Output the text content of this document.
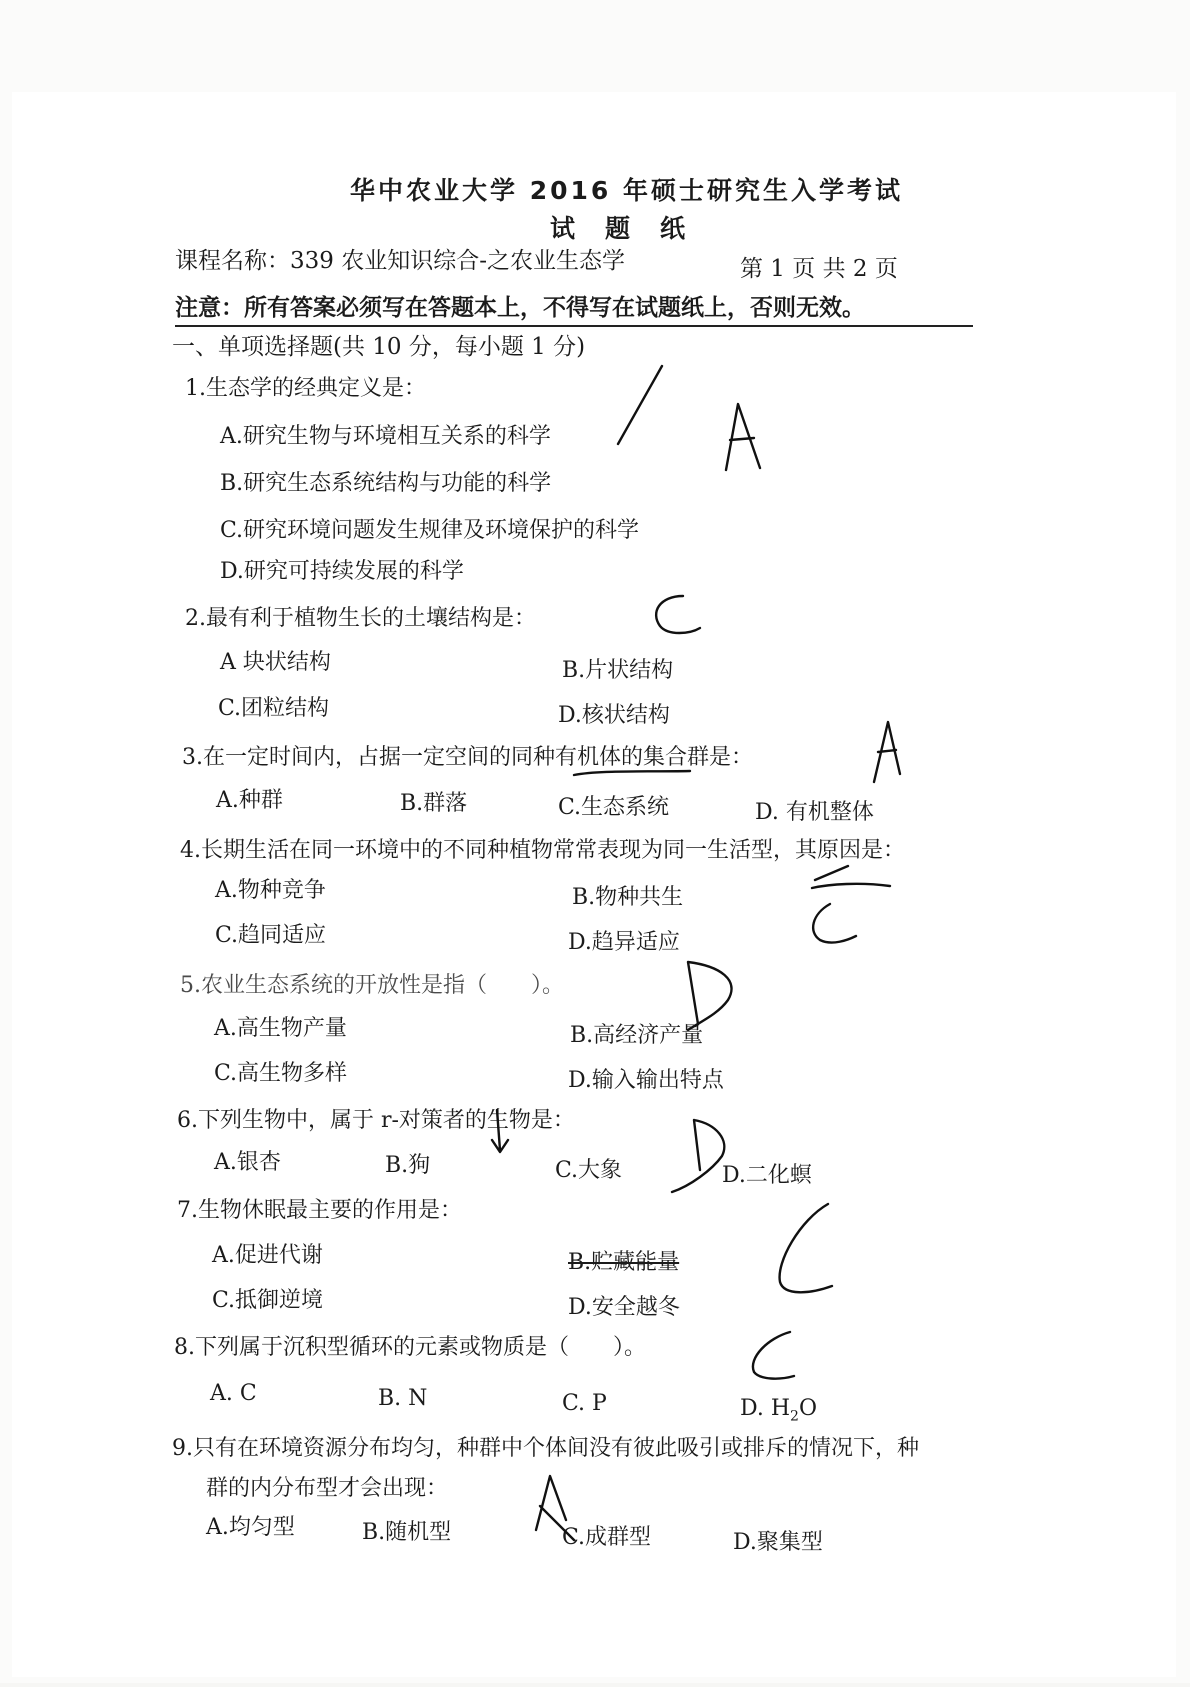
华中农业大学 2016 年硕士研究生入学考试
试题纸
课程名称：339 农业知识综合-之农业生态学	第 1 页 共 2 页
注意：所有答案必须写在答题本上，不得写在试题纸上，否则无效。
一、单项选择题(共 10 分，每小题 1 分)
1.生态学的经典定义是：
A.研究生物与环境相互关系的科学
B.研究生态系统结构与功能的科学
C.研究环境问题发生规律及环境保护的科学
D.研究可持续发展的科学
2.最有利于植物生长的土壤结构是：
A 块状结构	B.片状结构
C.团粒结构	D.核状结构
3.在一定时间内，占据一定空间的同种有机体的集合群是：
A.种群	B.群落	C.生态系统	D. 有机整体
4.长期生活在同一环境中的不同种植物常常表现为同一生活型，其原因是：
A.物种竞争	B.物种共生
C.趋同适应	D.趋异适应
5.农业生态系统的开放性是指（　　）。
A.高生物产量	B.高经济产量
C.高生物多样	D.输入输出特点
6.下列生物中，属于 r-对策者的生物是：
A.银杏	B.狗	C.大象	D.二化螟
7.生物休眠最主要的作用是：
A.促进代谢	B.贮藏能量
C.抵御逆境	D.安全越冬
8.下列属于沉积型循环的元素或物质是（　　）。
A. C	B. N	C. P	D. $H_2O$
9.只有在环境资源分布均匀，种群中个体间没有彼此吸引或排斥的情况下，种
群的内分布型才会出现：
A.均匀型	B.随机型	C.成群型	D.聚集型
